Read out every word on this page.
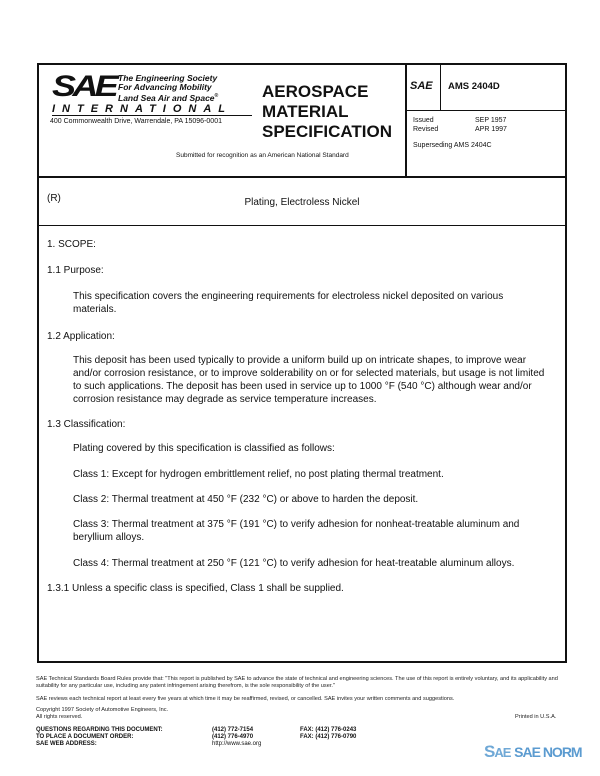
SAE The Engineering Society
For Advancing Mobility
Land Sea Air and Space®
INTERNATIONAL
400 Commonwealth Drive, Warrendale, PA 15096-0001
AEROSPACE
MATERIAL
SPECIFICATION
Submitted for recognition as an American National Standard
SAE AMS 2404D
Issued	SEP 1957
Revised	APR 1997
Superseding AMS 2404C
(R)	Plating, Electroless Nickel
1. SCOPE:
1.1 Purpose:
This specification covers the engineering requirements for electroless nickel deposited on various materials.
1.2 Application:
This deposit has been used typically to provide a uniform build up on intricate shapes, to improve wear and/or corrosion resistance, or to improve solderability on or for selected materials, but usage is not limited to such applications. The deposit has been used in service up to 1000 °F (540 °C) although wear and/or corrosion resistance may degrade as service temperature increases.
1.3 Classification:
Plating covered by this specification is classified as follows:
Class 1: Except for hydrogen embrittlement relief, no post plating thermal treatment.
Class 2: Thermal treatment at 450 °F (232 °C) or above to harden the deposit.
Class 3: Thermal treatment at 375 °F (191 °C) to verify adhesion for nonheat-treatable aluminum and beryllium alloys.
Class 4: Thermal treatment at 250 °F (121 °C) to verify adhesion for heat-treatable aluminum alloys.
1.3.1 Unless a specific class is specified, Class 1 shall be supplied.
SAE Technical Standards Board Rules provide that: "This report is published by SAE to advance the state of technical and engineering sciences. The use of this report is entirely voluntary, and its applicability and suitability for any particular use, including any patent infringement arising therefrom, is the sole responsibility of the user."
SAE reviews each technical report at least every five years at which time it may be reaffirmed, revised, or cancelled. SAE invites your written comments and suggestions.
Copyright 1997 Society of Automotive Engineers, Inc.
All rights reserved.	Printed in U.S.A.
QUESTIONS REGARDING THIS DOCUMENT:	(412) 772-7154	FAX: (412) 776-0243
TO PLACE A DOCUMENT ORDER:	(412) 776-4970	FAX: (412) 776-0790
SAE WEB ADDRESS:	http://www.sae.org	SAE SAE NORM
